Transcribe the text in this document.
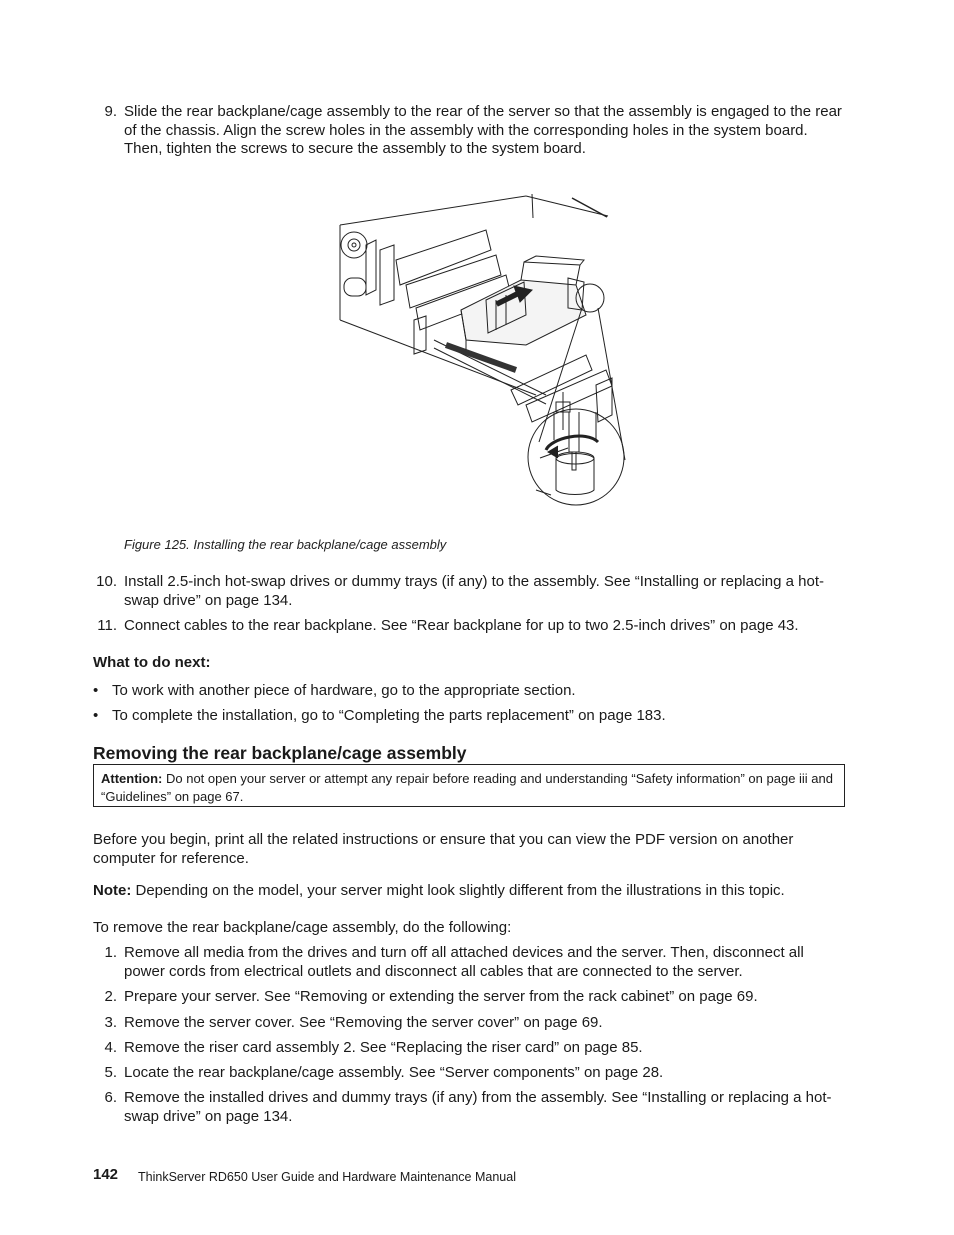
9. Slide the rear backplane/cage assembly to the rear of the server so that the assembly is engaged to the rear of the chassis. Align the screw holes in the assembly with the corresponding holes in the system board. Then, tighten the screws to secure the assembly to the system board.
Figure 125. Installing the rear backplane/cage assembly
10. Install 2.5-inch hot-swap drives or dummy trays (if any) to the assembly. See “Installing or replacing a hot-swap drive” on page 134.
11. Connect cables to the rear backplane. See “Rear backplane for up to two 2.5-inch drives” on page 43.
What to do next:
• To work with another piece of hardware, go to the appropriate section.
• To complete the installation, go to “Completing the parts replacement” on page 183.
Removing the rear backplane/cage assembly
Attention: Do not open your server or attempt any repair before reading and understanding “Safety information” on page iii and “Guidelines” on page 67.
Before you begin, print all the related instructions or ensure that you can view the PDF version on another computer for reference.
Note: Depending on the model, your server might look slightly different from the illustrations in this topic.
To remove the rear backplane/cage assembly, do the following:
1. Remove all media from the drives and turn off all attached devices and the server. Then, disconnect all power cords from electrical outlets and disconnect all cables that are connected to the server.
2. Prepare your server. See “Removing or extending the server from the rack cabinet” on page 69.
3. Remove the server cover. See “Removing the server cover” on page 69.
4. Remove the riser card assembly 2. See “Replacing the riser card” on page 85.
5. Locate the rear backplane/cage assembly. See “Server components” on page 28.
6. Remove the installed drives and dummy trays (if any) from the assembly. See “Installing or replacing a hot-swap drive” on page 134.
142 ThinkServer RD650 User Guide and Hardware Maintenance Manual
